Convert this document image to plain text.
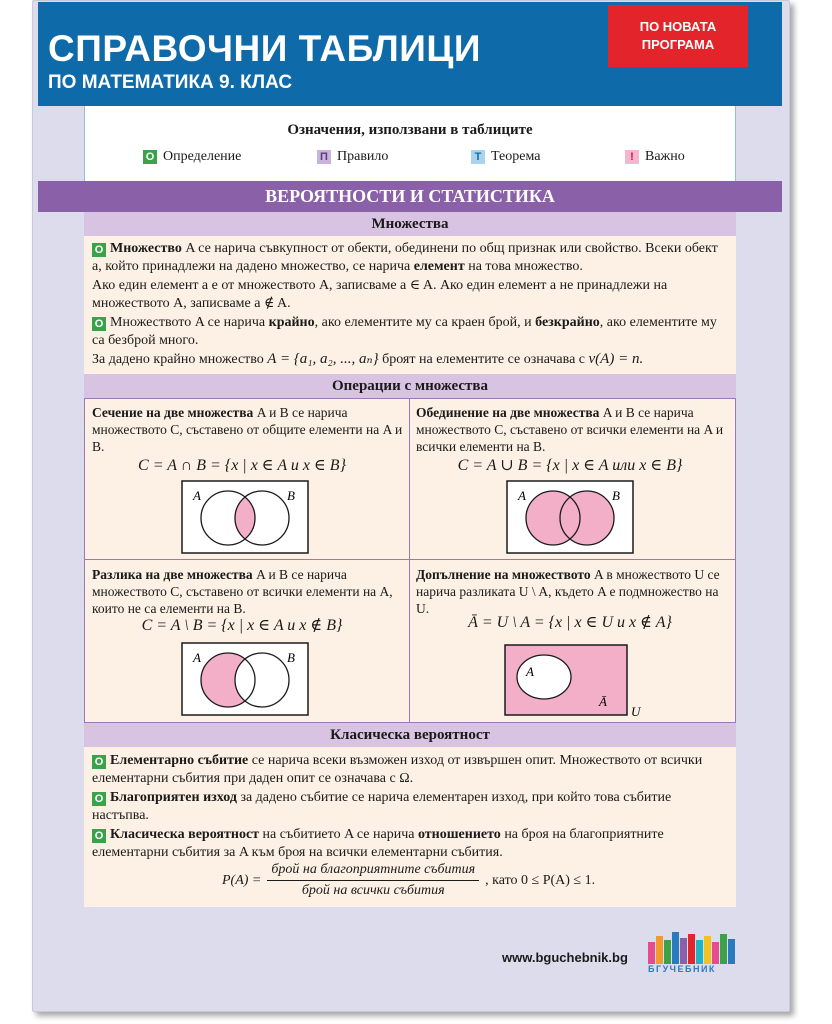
СПРАВОЧНИ ТАБЛИЦИ
ПО МАТЕМАТИКА 9. КЛАС
ПО НОВАТА
ПРОГРАМА
Означения, използвани в таблиците
О Определение	П Правило	Т Теорема	! Важно
ВЕРОЯТНОСТИ И СТАТИСТИКА
Множества
О Множество A се нарича съвкупност от обекти, обединени по общ признак или свойство. Всеки обект a, който принадлежи на дадено множество, се нарича елемент на това множество.
Ако един елемент a е от множеството A, записваме a ∈ A. Ако един елемент a не принадлежи на множеството A, записваме a ∉ A.
О Множеството A се нарича крайно, ако елементите му са краен брой, и безкрайно, ако елементите му са безброй много.
За дадено крайно множество A = {a₁, a₂, ..., aₙ} броят на елементите се означава с ν(A) = n.
Операции с множества
Сечение на две множества A и B се нарича множеството C, съставено от общите елементи на A и B.
C = A ∩ B = {x | x ∈ A и x ∈ B}
A	B
Обединение на две множества A и B се нарича множеството C, съставено от всички елементи на A и всички елементи на B.
C = A ∪ B = {x | x ∈ A или x ∈ B}
A	B
Разлика на две множества A и B се нарича множеството C, съставено от всички елементи на A, които не са елементи на B.
C = A \ B = {x | x ∈ A и x ∉ B}
A	B
Допълнение на множеството A в множеството U се нарича разликата U \ A, където A е подмножество на U.
Ā = U \ A = {x | x ∈ U и x ∉ A}
A
Ā
U
Класическа вероятност
О Елементарно събитие се нарича всеки възможен изход от извършен опит. Множеството от всички елементарни събития при даден опит се означава с Ω.
О Благоприятен изход за дадено събитие се нарича елементарен изход, при който това събитие настъпва.
О Класическа вероятност на събитието A се нарича отношението на броя на благоприятните елементарни събития за A към броя на всички елементарни събития.
$P(A) = \frac{\text{брой на благоприятните събития}}{\text{брой на всички събития}}$ , като 0 ≤ P(A) ≤ 1.
www.bguchebnik.bg
БГУЧЕБНИК
